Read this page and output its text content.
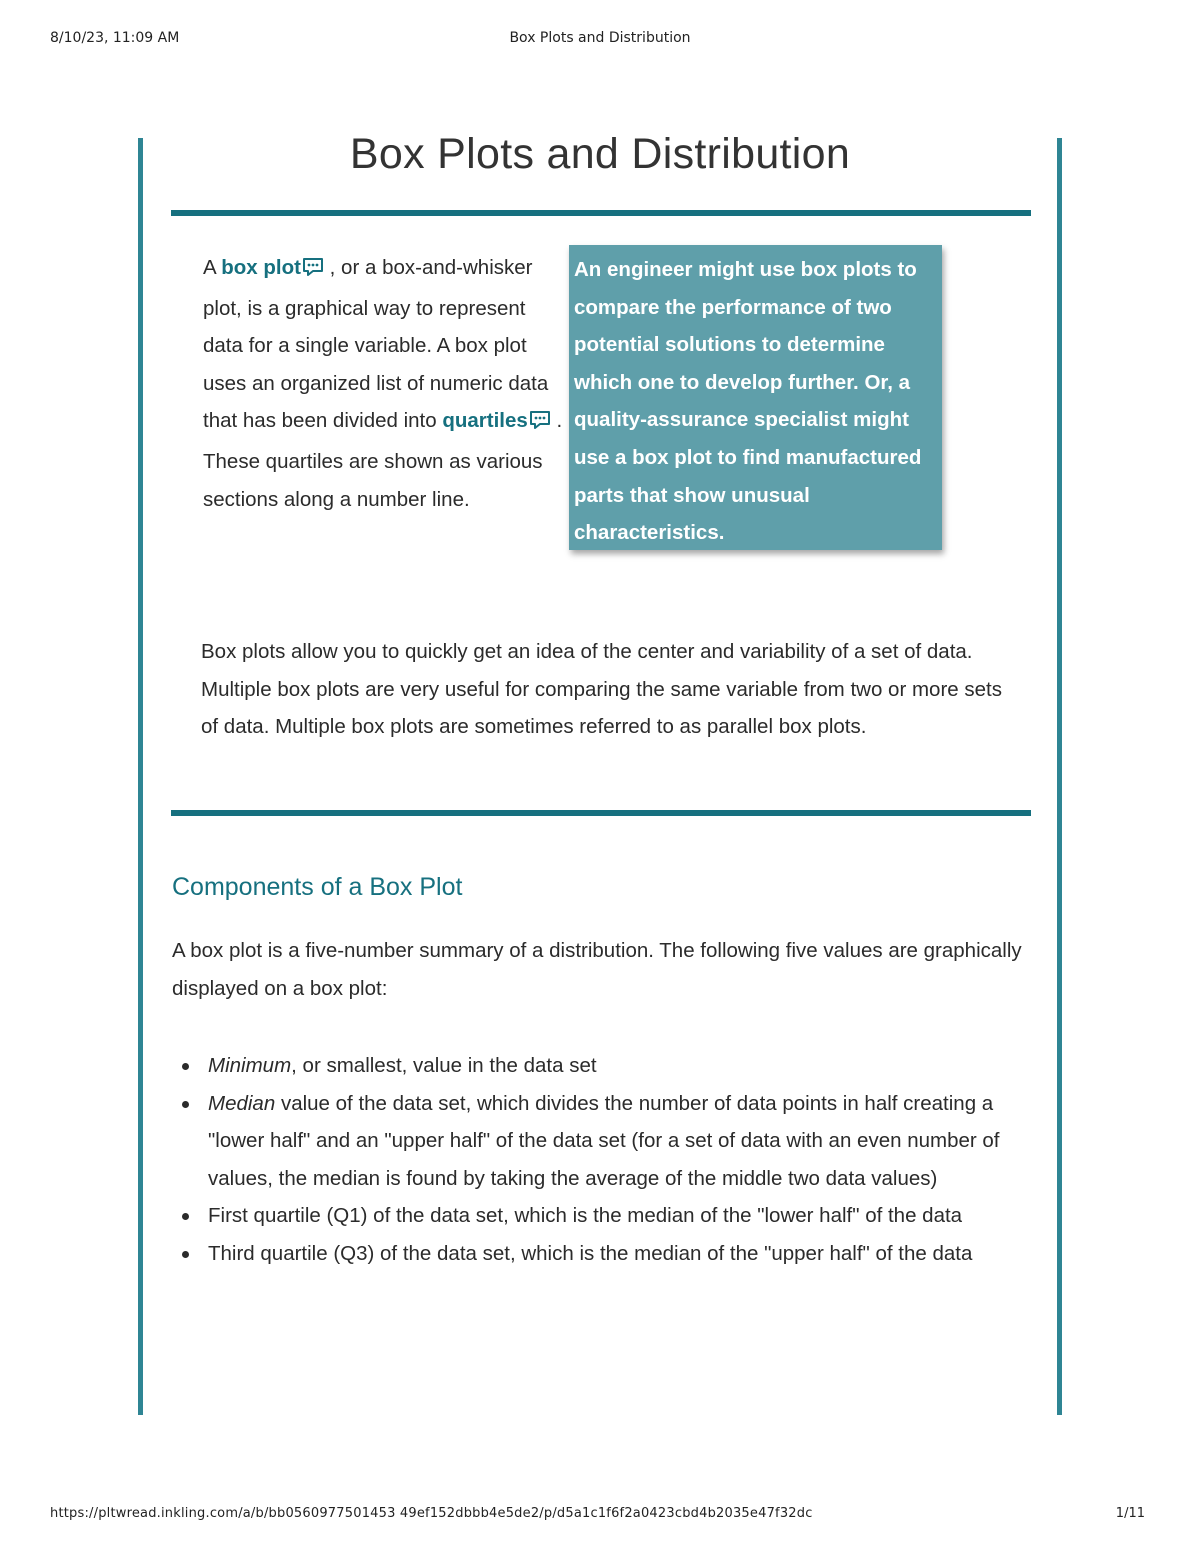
8/10/23, 11:09 AM	Box Plots and Distribution
Box Plots and Distribution

A box plot , or a box-and-whisker plot, is a graphical way to represent data for a single variable. A box plot uses an organized list of numeric data that has been divided into quartiles . These quartiles are shown as various sections along a number line.

An engineer might use box plots to compare the performance of two potential solutions to determine which one to develop further. Or, a quality-assurance specialist might use a box plot to find manufactured parts that show unusual characteristics.

Box plots allow you to quickly get an idea of the center and variability of a set of data. Multiple box plots are very useful for comparing the same variable from two or more sets of data. Multiple box plots are sometimes referred to as parallel box plots.

Components of a Box Plot

A box plot is a five-number summary of a distribution. The following five values are graphically displayed on a box plot:

Minimum, or smallest, value in the data set
Median value of the data set, which divides the number of data points in half creating a "lower half" and an "upper half" of the data set (for a set of data with an even number of values, the median is found by taking the average of the middle two data values)
First quartile (Q1) of the data set, which is the median of the "lower half" of the data
Third quartile (Q3) of the data set, which is the median of the "upper half" of the data
https://pltwread.inkling.com/a/b/bb0560977501453 49ef152dbbb4e5de2/p/d5a1c1f6f2a0423cbd4b2035e47f32dc	1/11
